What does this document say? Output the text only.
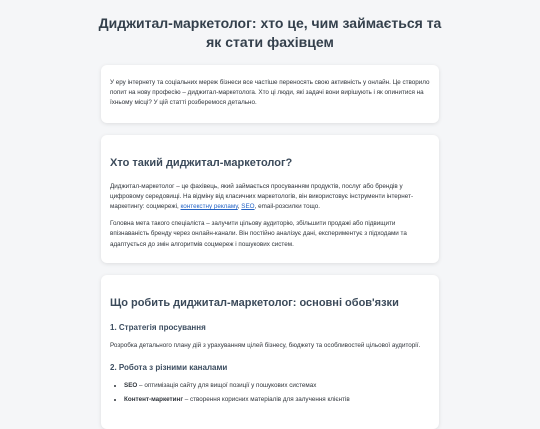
Диджитал-маркетолог: хто це, чим займається та як стати фахівцем

У еру інтернету та соціальних мереж бізнеси все частіше переносять свою активність у онлайн. Це створило попит на нову професію – диджитал-маркетолога. Хто ці люди, які задачі вони вирішують і як опинитися на їхньому місці? У цій статті розберемося детально.

Хто такий диджитал-маркетолог?

Диджитал-маркетолог – це фахівець, який займається просуванням продуктів, послуг або брендів у цифровому середовищі. На відміну від класичних маркетологів, він використовує інструменти інтернет-маркетингу: соцмережі, контекстну рекламу, SEO, email-розсилки тощо.

Головна мета такого спеціаліста – залучити цільову аудиторію, збільшити продажі або підвищити впізнаваність бренду через онлайн-канали. Він постійно аналізує дані, експериментує з підходами та адаптується до змін алгоритмів соцмереж і пошукових систем.

Що робить диджитал-маркетолог: основні обов'язки
1. Стратегія просування

Розробка детального плану дій з урахуванням цілей бізнесу, бюджету та особливостей цільової аудиторії.

2. Робота з різними каналами
• SEO – оптимізація сайту для вищої позиції у пошукових системах
• Контент-маркетинг – створення корисних матеріалів для залучення клієнтів
